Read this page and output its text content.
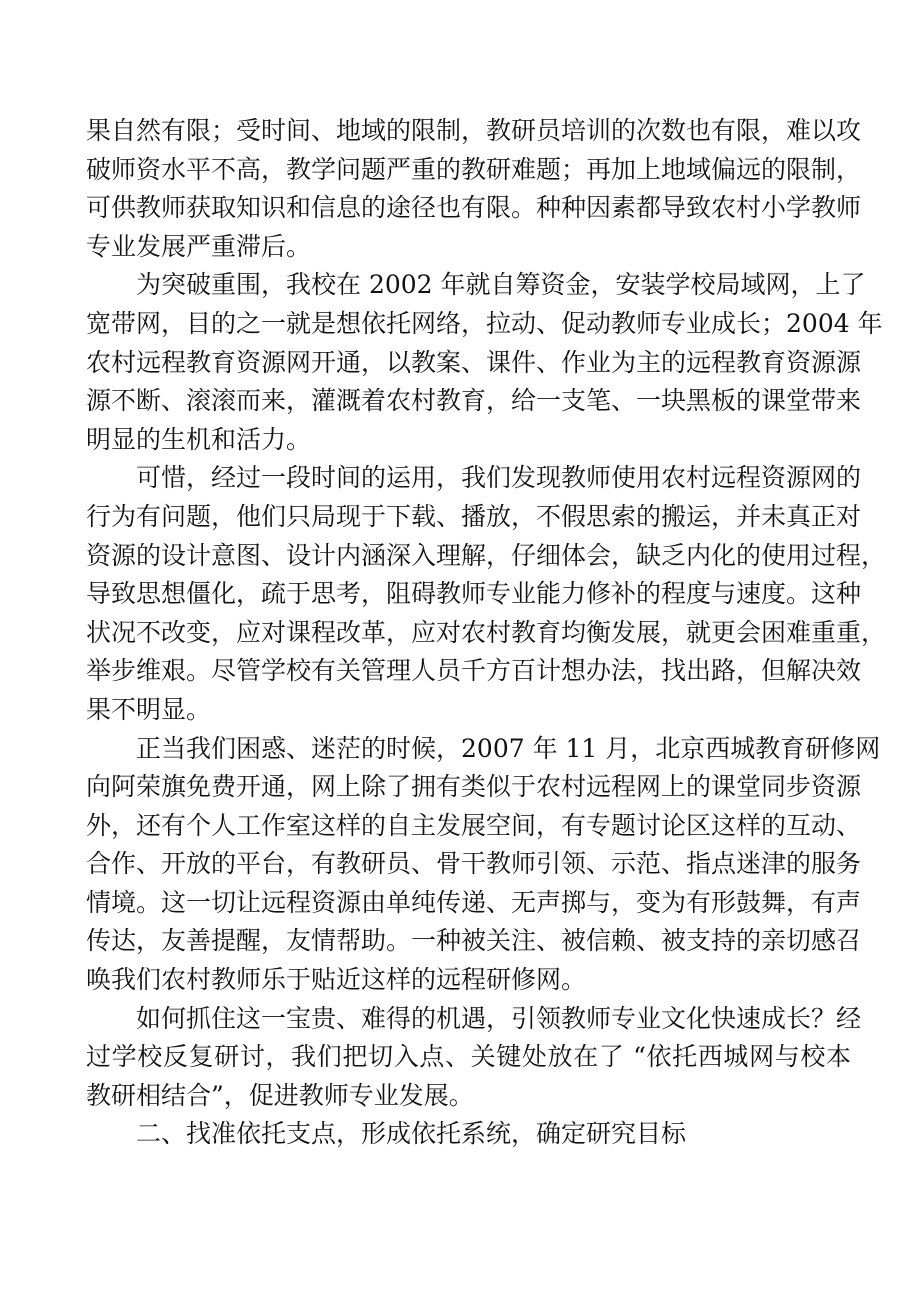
果自然有限；受时间、地域的限制，教研员培训的次数也有限，难以攻
破师资水平不高，教学问题严重的教研难题；再加上地域偏远的限制，
可供教师获取知识和信息的途径也有限。种种因素都导致农村小学教师
专业发展严重滞后。
为突破重围，我校在 2002 年就自筹资金，安装学校局域网，上了
宽带网，目的之一就是想依托网络，拉动、促动教师专业成长；2004 年
农村远程教育资源网开通，以教案、课件、作业为主的远程教育资源源
源不断、滚滚而来，灌溉着农村教育，给一支笔、一块黑板的课堂带来
明显的生机和活力。
可惜，经过一段时间的运用，我们发现教师使用农村远程资源网的
行为有问题，他们只局现于下载、播放，不假思索的搬运，并未真正对
资源的设计意图、设计内涵深入理解，仔细体会，缺乏内化的使用过程，
导致思想僵化，疏于思考，阻碍教师专业能力修补的程度与速度。这种
状况不改变，应对课程改革，应对农村教育均衡发展，就更会困难重重，
举步维艰。尽管学校有关管理人员千方百计想办法，找出路，但解决效
果不明显。
正当我们困惑、迷茫的时候，2007 年 11 月，北京西城教育研修网
向阿荣旗免费开通，网上除了拥有类似于农村远程网上的课堂同步资源
外，还有个人工作室这样的自主发展空间，有专题讨论区这样的互动、
合作、开放的平台，有教研员、骨干教师引领、示范、指点迷津的服务
情境。这一切让远程资源由单纯传递、无声掷与，变为有形鼓舞，有声
传达，友善提醒，友情帮助。一种被关注、被信赖、被支持的亲切感召
唤我们农村教师乐于贴近这样的远程研修网。
如何抓住这一宝贵、难得的机遇，引领教师专业文化快速成长？经
过学校反复研讨，我们把切入点、关键处放在了 “依托西城网与校本
教研相结合”，促进教师专业发展。
二、找准依托支点，形成依托系统，确定研究目标
